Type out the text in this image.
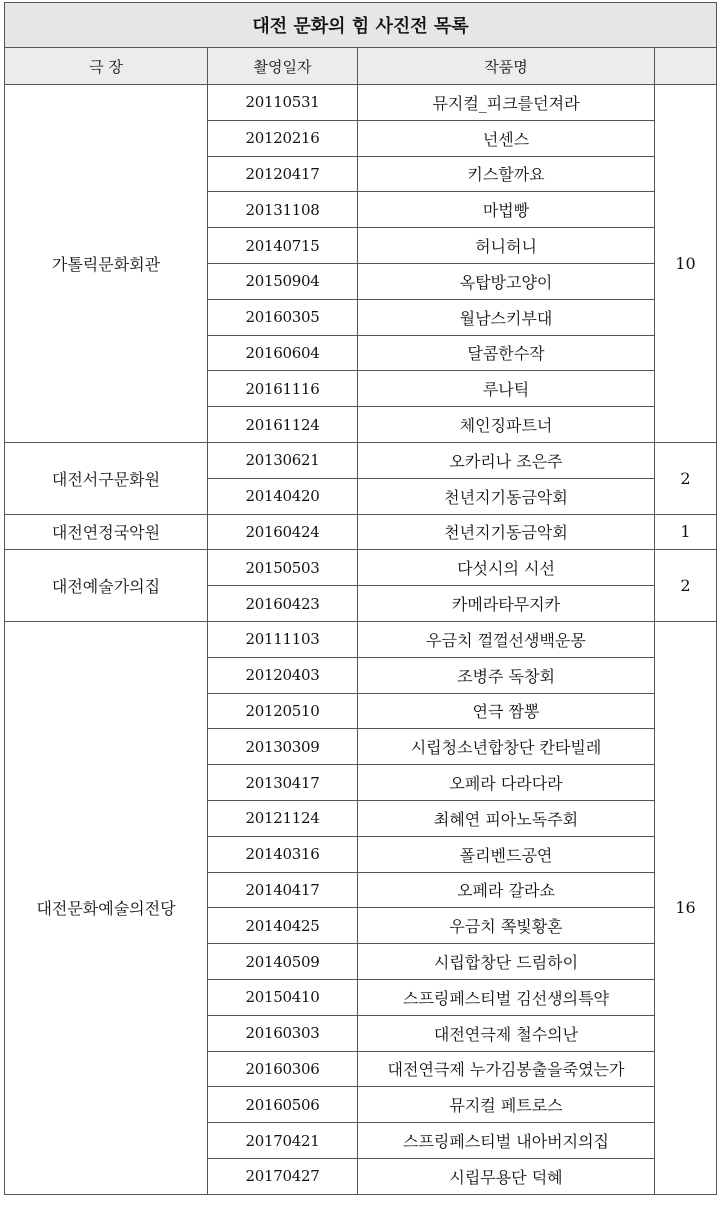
대전 문화의 힘 사진전 목록			
극 장	촬영일자	작품명	
가톨릭문화회관	20110531	뮤지컬_피크를던져라	10
	20120216	넌센스	
	20120417	키스할까요	
	20131108	마법빵	
	20140715	허니허니	
	20150904	옥탑방고양이	
	20160305	월남스키부대	
	20160604	달콤한수작	
	20161116	루나틱	
	20161124	체인징파트너	
대전서구문화원	20130621	오카리나 조은주	2
	20140420	천년지기동금악회	
대전연정국악원	20160424	천년지기동금악회	1
대전예술가의집	20150503	다섯시의 시선	2
	20160423	카메라타무지카	
대전문화예술의전당	20111103	우금치 껄껄선생백운몽	16
	20120403	조병주 독창회	
	20120510	연극 짬뽕	
	20130309	시립청소년합창단 칸타빌레	
	20130417	오페라 다라다라	
	20121124	최혜연 피아노독주회	
	20140316	폴리벤드공연	
	20140417	오페라 갈라쇼	
	20140425	우금치 쪽빛황혼	
	20140509	시립합창단 드림하이	
	20150410	스프링페스티벌 김선생의특약	
	20160303	대전연극제 철수의난	
	20160306	대전연극제 누가김봉출을죽였는가	
	20160506	뮤지컬 페트로스	
	20170421	스프링페스티벌 내아버지의집	
	20170427	시립무용단 덕혜	
